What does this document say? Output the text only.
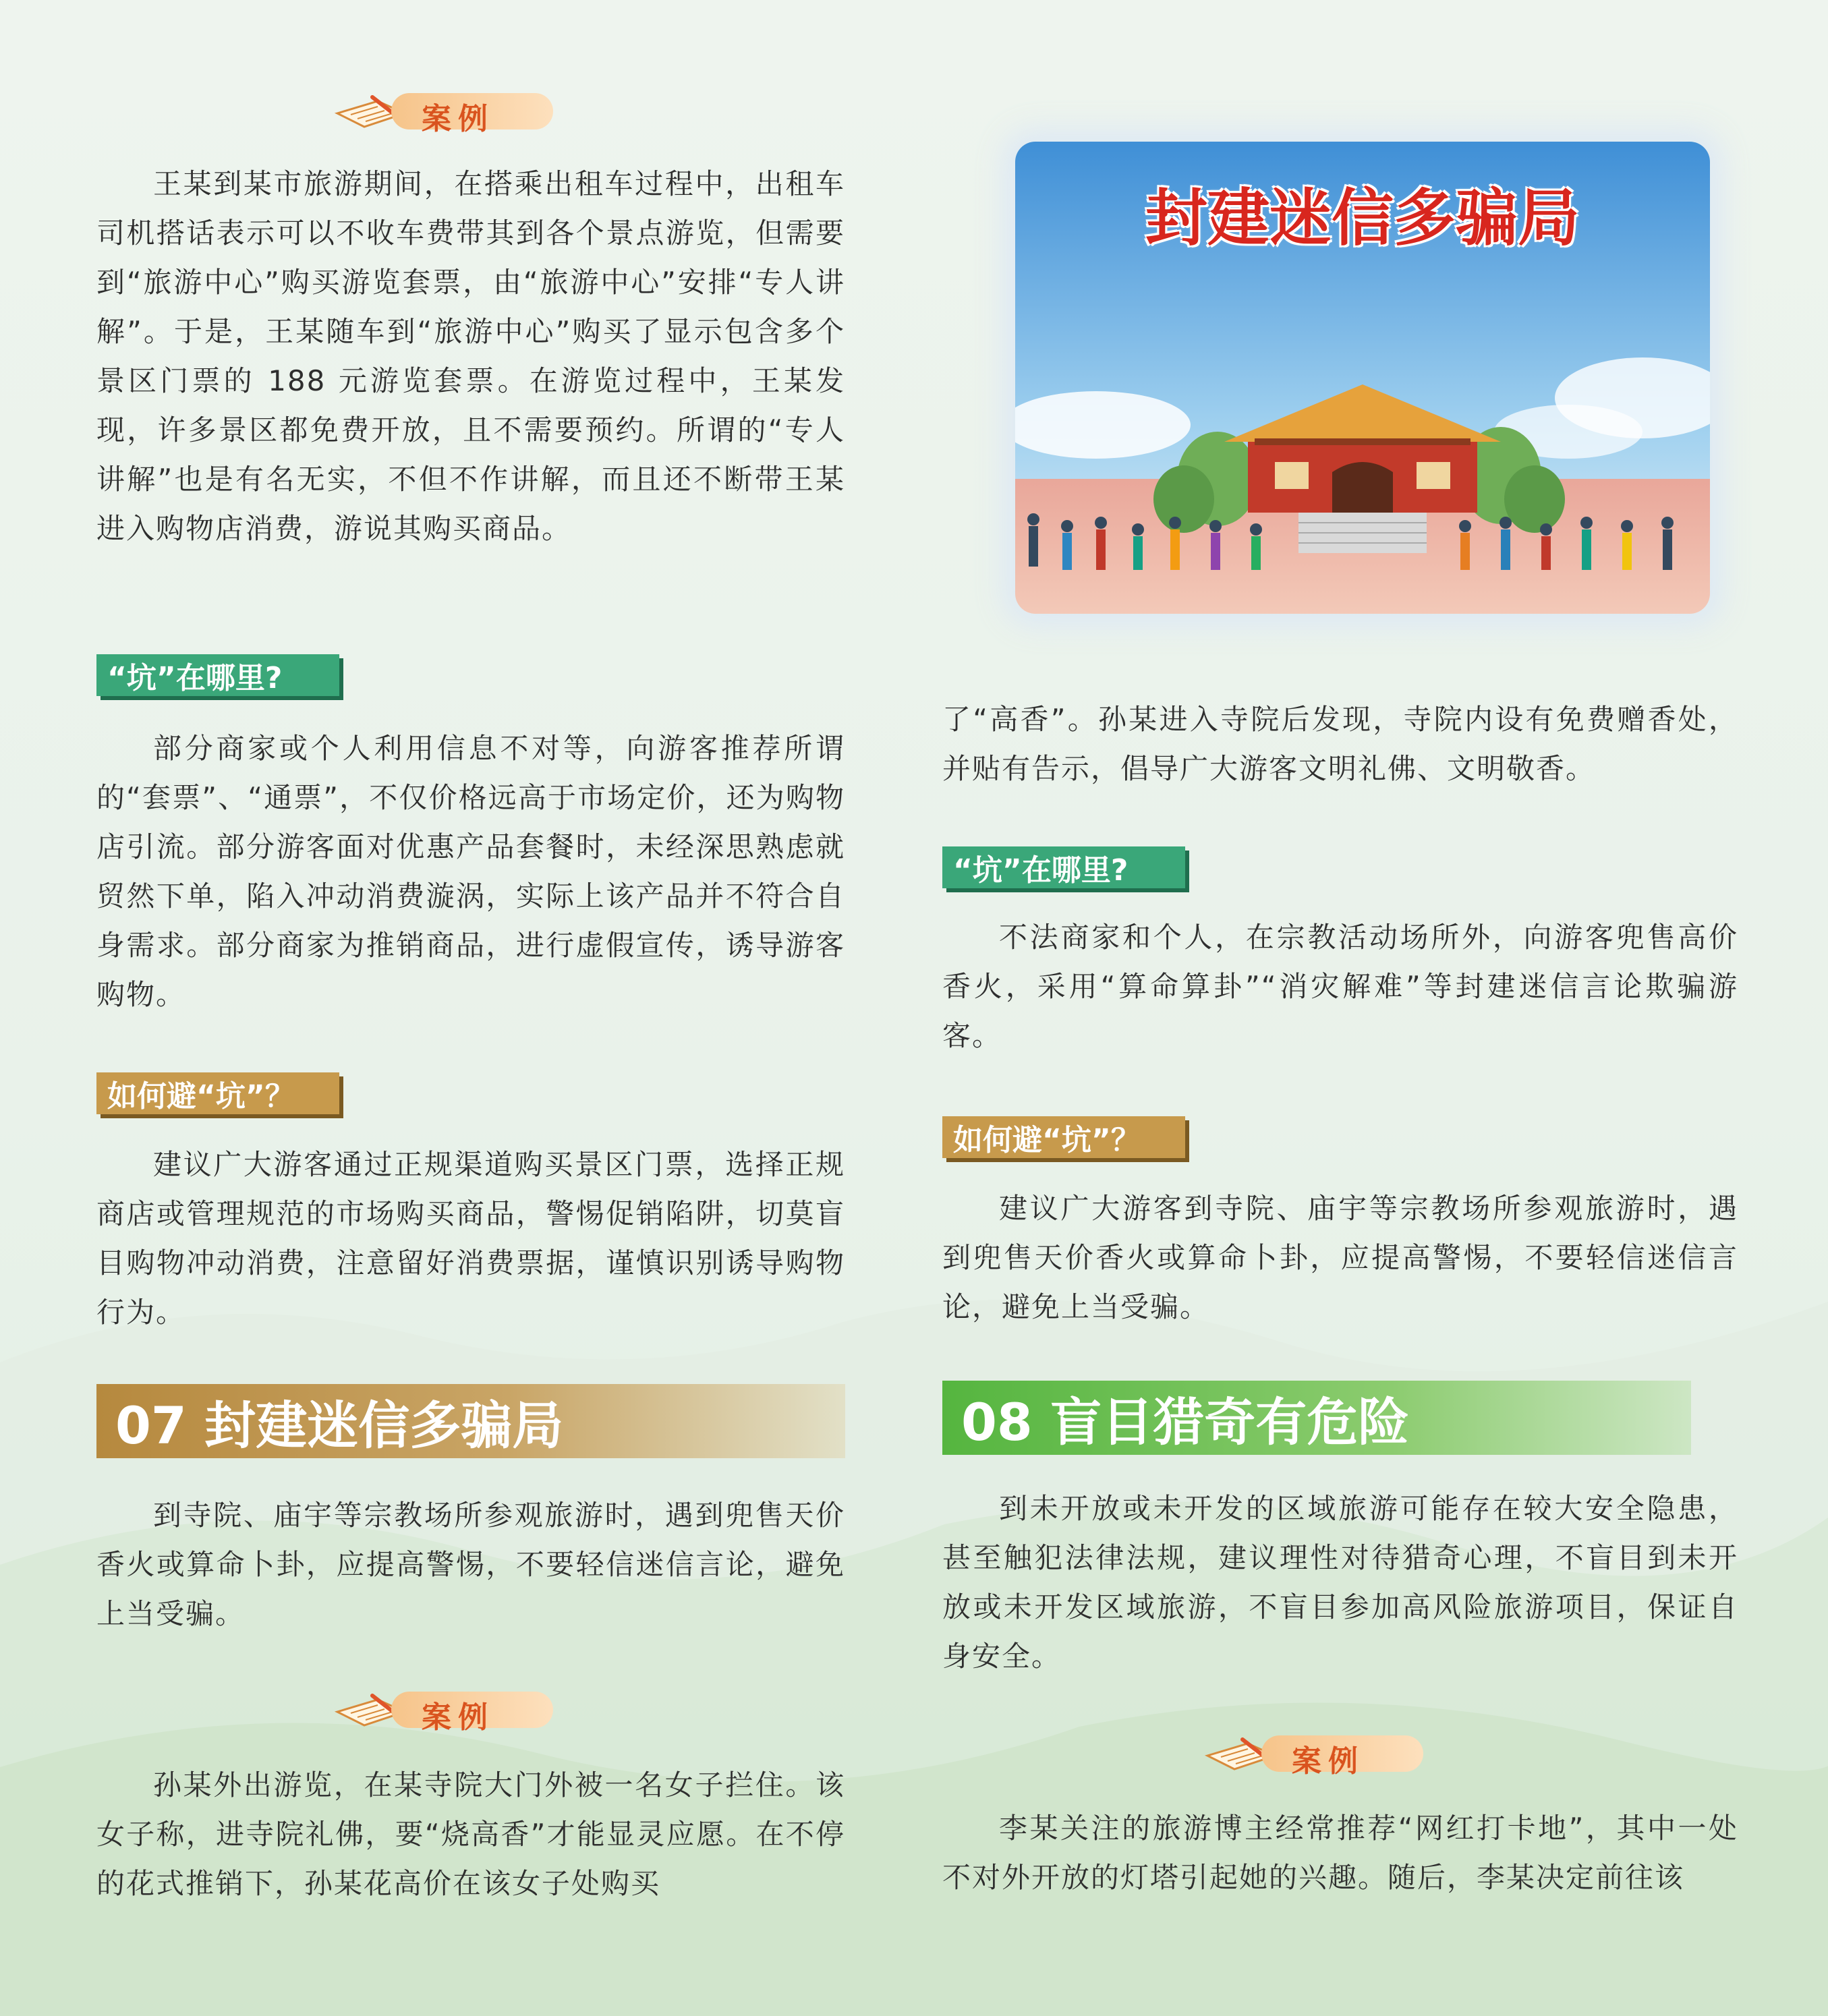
案例
王某到某市旅游期间，在搭乘出租车过程中，出租车司机搭话表示可以不收车费带其到各个景点游览，但需要到“旅游中心”购买游览套票，由“旅游中心”安排“专人讲解”。于是，王某随车到“旅游中心”购买了显示包含多个景区门票的 188 元游览套票。在游览过程中，王某发现，许多景区都免费开放，且不需要预约。所谓的“专人讲解”也是有名无实，不但不作讲解，而且还不断带王某进入购物店消费，游说其购买商品。
“坑”在哪里?
部分商家或个人利用信息不对等，向游客推荐所谓的“套票”、“通票”，不仅价格远高于市场定价，还为购物店引流。部分游客面对优惠产品套餐时，未经深思熟虑就贸然下单，陷入冲动消费漩涡，实际上该产品并不符合自身需求。部分商家为推销商品，进行虚假宣传，诱导游客购物。
如何避“坑”？
建议广大游客通过正规渠道购买景区门票，选择正规商店或管理规范的市场购买商品，警惕促销陷阱，切莫盲目购物冲动消费，注意留好消费票据，谨慎识别诱导购物行为。
07 封建迷信多骗局
到寺院、庙宇等宗教场所参观旅游时，遇到兜售天价香火或算命卜卦，应提高警惕，不要轻信迷信言论，避免上当受骗。
案例
孙某外出游览，在某寺院大门外被一名女子拦住。该女子称，进寺院礼佛，要“烧高香”才能显灵应愿。在不停的花式推销下，孙某花高价在该女子处购买
封建迷信多骗局
了“高香”。孙某进入寺院后发现，寺院内设有免费赠香处，并贴有告示，倡导广大游客文明礼佛、文明敬香。
“坑”在哪里?
不法商家和个人，在宗教活动场所外，向游客兜售高价香火，采用“算命算卦”“消灾解难”等封建迷信言论欺骗游客。
如何避“坑”？
建议广大游客到寺院、庙宇等宗教场所参观旅游时，遇到兜售天价香火或算命卜卦，应提高警惕，不要轻信迷信言论，避免上当受骗。
08 盲目猎奇有危险
到未开放或未开发的区域旅游可能存在较大安全隐患，甚至触犯法律法规，建议理性对待猎奇心理，不盲目到未开放或未开发区域旅游，不盲目参加高风险旅游项目，保证自身安全。
案例
李某关注的旅游博主经常推荐“网红打卡地”，其中一处不对外开放的灯塔引起她的兴趣。随后，李某决定前往该
